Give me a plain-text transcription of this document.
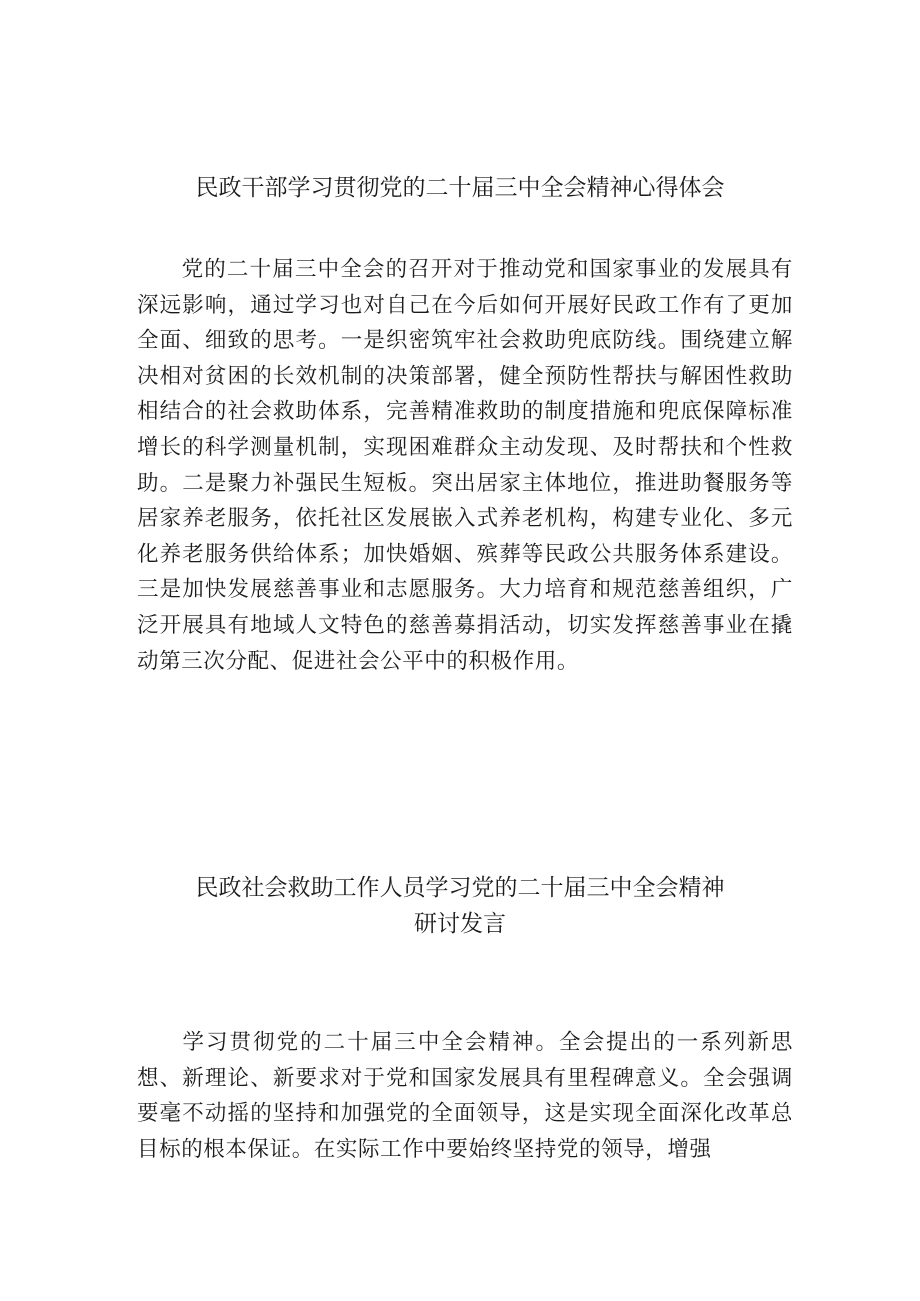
民政干部学习贯彻党的二十届三中全会精神心得体会

党的二十届三中全会的召开对于推动党和国家事业的发展具有深远影响，通过学习也对自己在今后如何开展好民政工作有了更加全面、细致的思考。一是织密筑牢社会救助兜底防线。围绕建立解决相对贫困的长效机制的决策部署，健全预防性帮扶与解困性救助相结合的社会救助体系，完善精准救助的制度措施和兜底保障标准增长的科学测量机制，实现困难群众主动发现、及时帮扶和个性救助。二是聚力补强民生短板。突出居家主体地位，推进助餐服务等居家养老服务，依托社区发展嵌入式养老机构，构建专业化、多元化养老服务供给体系；加快婚姻、殡葬等民政公共服务体系建设。三是加快发展慈善事业和志愿服务。大力培育和规范慈善组织，广泛开展具有地域人文特色的慈善募捐活动，切实发挥慈善事业在撬动第三次分配、促进社会公平中的积极作用。

民政社会救助工作人员学习党的二十届三中全会精神
研讨发言

学习贯彻党的二十届三中全会精神。全会提出的一系列新思想、新理论、新要求对于党和国家发展具有里程碑意义。全会强调要毫不动摇的坚持和加强党的全面领导，这是实现全面深化改革总目标的根本保证。在实际工作中要始终坚持党的领导，增强
